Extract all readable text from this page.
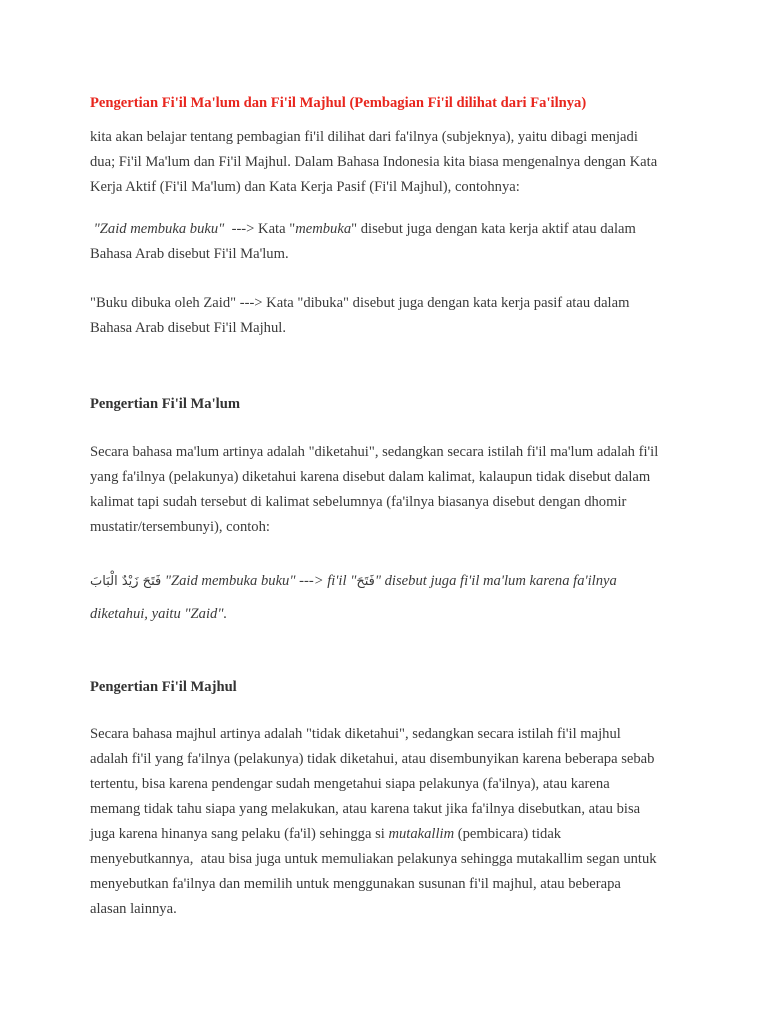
Pengertian Fi'il Ma'lum dan Fi'il Majhul (Pembagian Fi'il dilihat dari Fa'ilnya)

kita akan belajar tentang pembagian fi'il dilihat dari fa'ilnya (subjeknya), yaitu dibagi menjadi
dua; Fi'il Ma'lum dan Fi'il Majhul. Dalam Bahasa Indonesia kita biasa mengenalnya dengan Kata
Kerja Aktif (Fi'il Ma'lum) dan Kata Kerja Pasif (Fi'il Majhul), contohnya:

"Zaid membuka buku"  ---> Kata "membuka" disebut juga dengan kata kerja aktif atau dalam
Bahasa Arab disebut Fi'il Ma'lum.

"Buku dibuka oleh Zaid" ---> Kata "dibuka" disebut juga dengan kata kerja pasif atau dalam
Bahasa Arab disebut Fi'il Majhul.

Pengertian Fi'il Ma'lum

Secara bahasa ma'lum artinya adalah "diketahui", sedangkan secara istilah fi'il ma'lum adalah fi'il
yang fa'ilnya (pelakunya) diketahui karena disebut dalam kalimat, kalaupun tidak disebut dalam
kalimat tapi sudah tersebut di kalimat sebelumnya (fa'ilnya biasanya disebut dengan dhomir
mustatir/tersembunyi), contoh:

فَتَحَ زَيْدٌ الْبَابَ "Zaid membuka buku" ---> fi'il "فَتَحَ" disebut juga fi'il ma'lum karena fa'ilnya
diketahui, yaitu "Zaid".

Pengertian Fi'il Majhul

Secara bahasa majhul artinya adalah "tidak diketahui", sedangkan secara istilah fi'il majhul
adalah fi'il yang fa'ilnya (pelakunya) tidak diketahui, atau disembunyikan karena beberapa sebab
tertentu, bisa karena pendengar sudah mengetahui siapa pelakunya (fa'ilnya), atau karena
memang tidak tahu siapa yang melakukan, atau karena takut jika fa'ilnya disebutkan, atau bisa
juga karena hinanya sang pelaku (fa'il) sehingga si mutakallim (pembicara) tidak
menyebutkannya,  atau bisa juga untuk memuliakan pelakunya sehingga mutakallim segan untuk
menyebutkan fa'ilnya dan memilih untuk menggunakan susunan fi'il majhul, atau beberapa
alasan lainnya.
